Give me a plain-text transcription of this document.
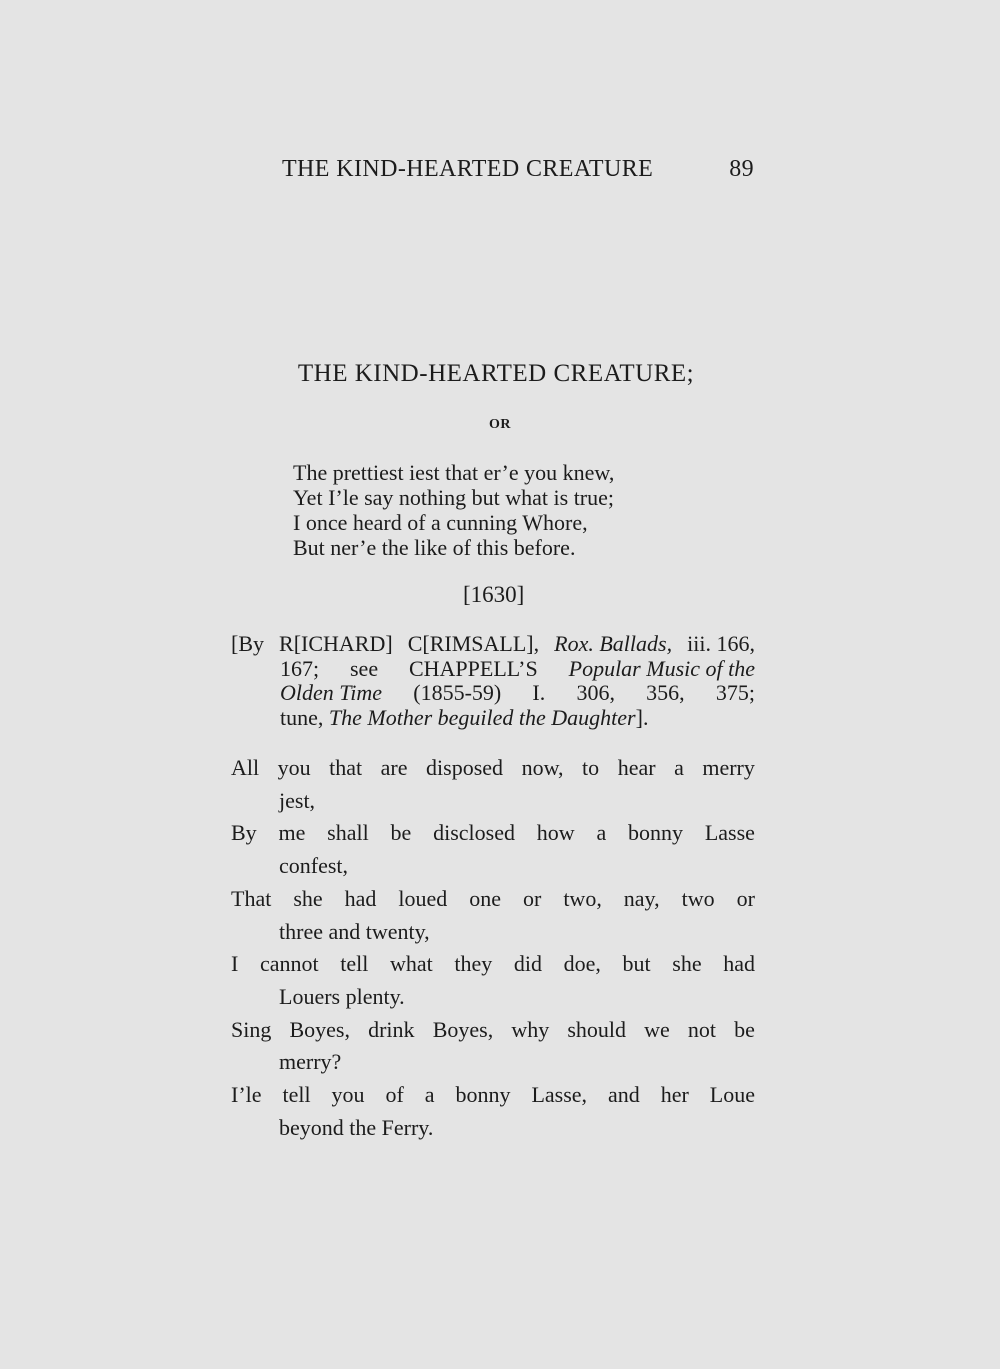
THE KIND-HEARTED CREATURE	89
THE KIND-HEARTED CREATURE;
OR
The prettiest iest that er’e you knew,
Yet I’le say nothing but what is true;
I once heard of a cunning Whore,
But ner’e the like of this before.
[1630]
[By R[ICHARD] C[RIMSALL], Rox. Ballads, iii. 166,
167; see CHAPPELL’S Popular Music of the
Olden Time (1855-59) I. 306, 356, 375;
tune, The Mother beguiled the Daughter].
All you that are disposed now, to hear a merry
jest,
By me shall be disclosed how a bonny Lasse
confest,
That she had loued one or two, nay, two or
three and twenty,
I cannot tell what they did doe, but she had
Louers plenty.
Sing Boyes, drink Boyes, why should we not be
merry?
I’le tell you of a bonny Lasse, and her Loue
beyond the Ferry.
